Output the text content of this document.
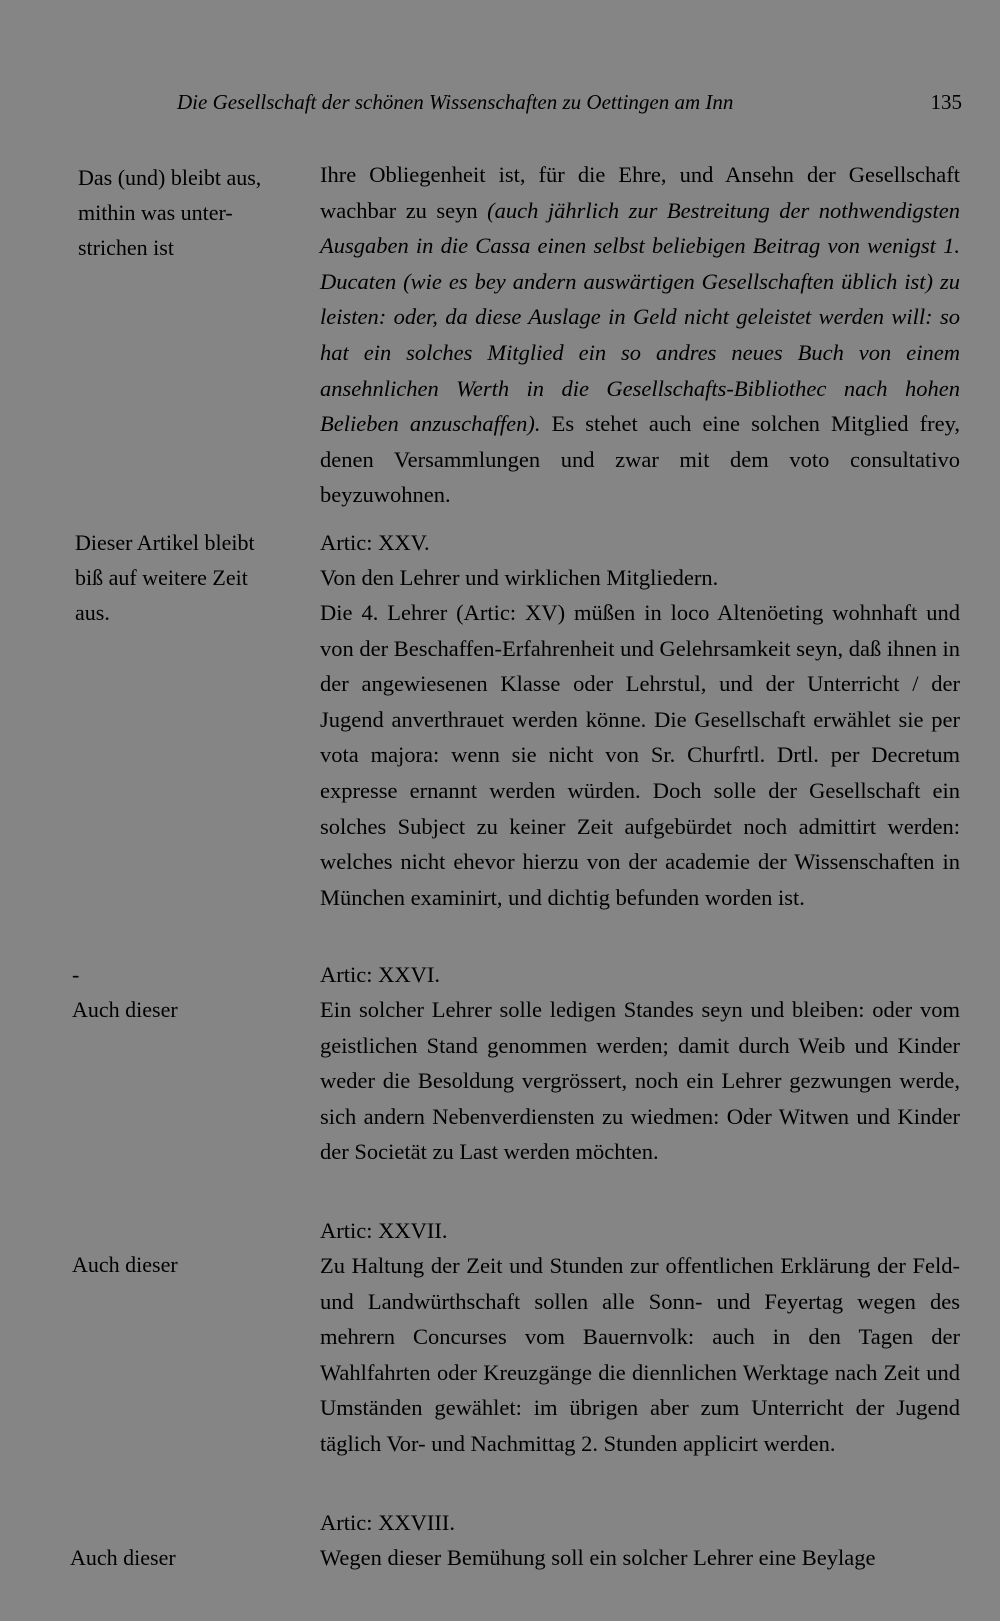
Die Gesellschaft der schönen Wissenschaften zu Oettingen am Inn	135
Das (und) bleibt aus,
mithin was unter-
strichen ist
Dieser Artikel bleibt
biß auf weitere Zeit
aus.
-
Auch dieser
Auch dieser
Auch dieser
Ihre Obliegenheit ist, für die Ehre, und Ansehn der Gesellschaft wachbar zu seyn (auch jährlich zur Bestreitung der nothwendigsten Ausgaben in die Cassa einen selbst beliebigen Beitrag von wenigst 1. Ducaten (wie es bey andern auswärtigen Gesellschaften üblich ist) zu leisten: oder, da diese Auslage in Geld nicht geleistet werden will: so hat ein solches Mitglied ein so andres neues Buch von einem ansehnlichen Werth in die Gesellschafts-Bibliothec nach hohen Belieben anzuschaffen). Es stehet auch eine solchen Mitglied frey, denen Versammlungen und zwar mit dem voto consultativo beyzuwohnen.
Artic: XXV.
Von den Lehrer und wirklichen Mitgliedern.
Die 4. Lehrer (Artic: XV) müßen in loco Altenöeting wohnhaft und von der Beschaffen-Erfahrenheit und Gelehrsamkeit seyn, daß ihnen in der angewiesenen Klasse oder Lehrstul, und der Unterricht / der Jugend anverthrauet werden könne. Die Gesellschaft erwählet sie per vota majora: wenn sie nicht von Sr. Churfrtl. Drtl. per Decretum expresse ernannt werden würden. Doch solle der Gesellschaft ein solches Subject zu keiner Zeit aufgebürdet noch admittirt werden: welches nicht ehevor hierzu von der academie der Wissenschaften in München examinirt, und dichtig befunden worden ist.
Artic: XXVI.
Ein solcher Lehrer solle ledigen Standes seyn und bleiben: oder vom geistlichen Stand genommen werden; damit durch Weib und Kinder weder die Besoldung vergrössert, noch ein Lehrer gezwungen werde, sich andern Nebenverdiensten zu wiedmen: Oder Witwen und Kinder der Societät zu Last werden möchten.
Artic: XXVII.
Zu Haltung der Zeit und Stunden zur offentlichen Erklärung der Feld- und Landwürthschaft sollen alle Sonn- und Feyertag wegen des mehrern Concurses vom Bauernvolk: auch in den Tagen der Wahlfahrten oder Kreuzgänge die diennlichen Werktage nach Zeit und Umständen gewählet: im übrigen aber zum Unterricht der Jugend täglich Vor- und Nachmittag 2. Stunden applicirt werden.
Artic: XXVIII.
Wegen dieser Bemühung soll ein solcher Lehrer eine Beylage
